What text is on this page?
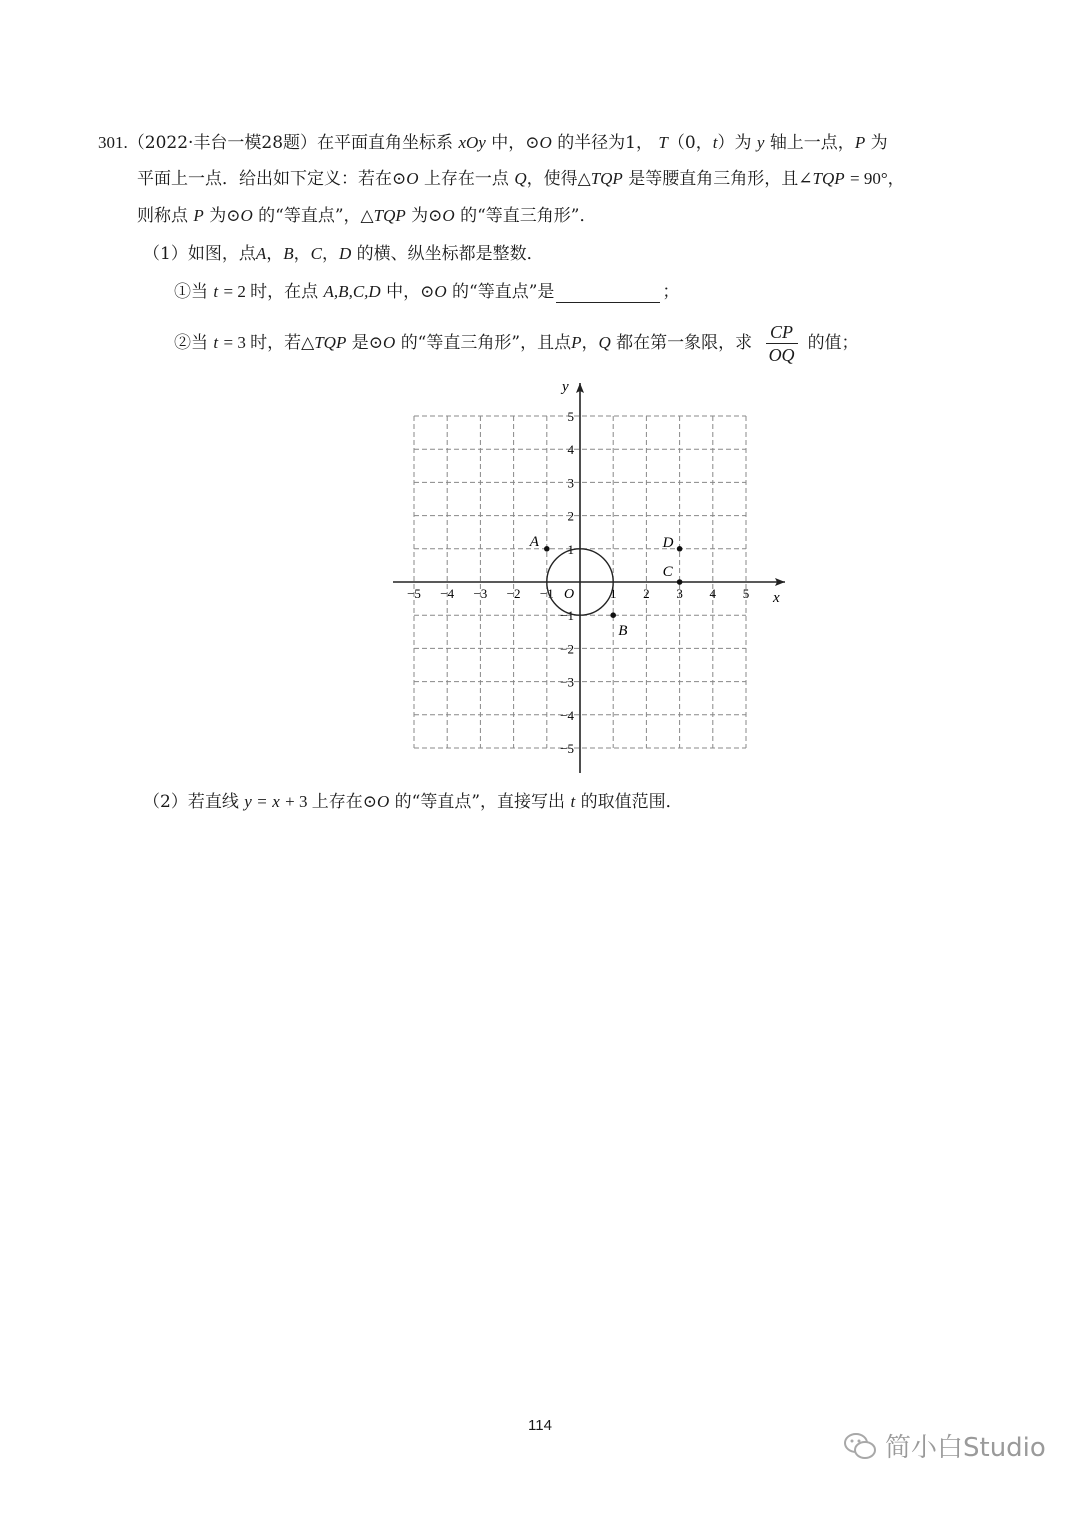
301.（2022·丰台一模28题）在平面直角坐标系 xOy 中，⊙O 的半径为1， T（0，t）为 y 轴上一点，P 为
平面上一点．给出如下定义：若在⊙O 上存在一点 Q，使得△TQP 是等腰直角三角形，且∠TQP = 90°，
则称点 P 为⊙O 的“等直点”，△TQP 为⊙O 的“等直三角形”．
（1）如图，点A，B，C，D 的横、纵坐标都是整数．
①当 t = 2 时，在点 A,B,C,D 中，⊙O 的“等直点”是	；
②当 t = 3 时，若△TQP 是⊙O 的“等直三角形”，且点P，Q 都在第一象限，求 $\frac{CP}{OQ}$ 的值；
−5 −4 −3 −2 −1	1 2 3 4 5
5
4
3
2
1
−1
−2
−3
−4
−5
A
B
C
D
x
y
O
（2）若直线 y = x + 3 上存在⊙O 的“等直点”，直接写出 t 的取值范围．
114
简小白Studio
